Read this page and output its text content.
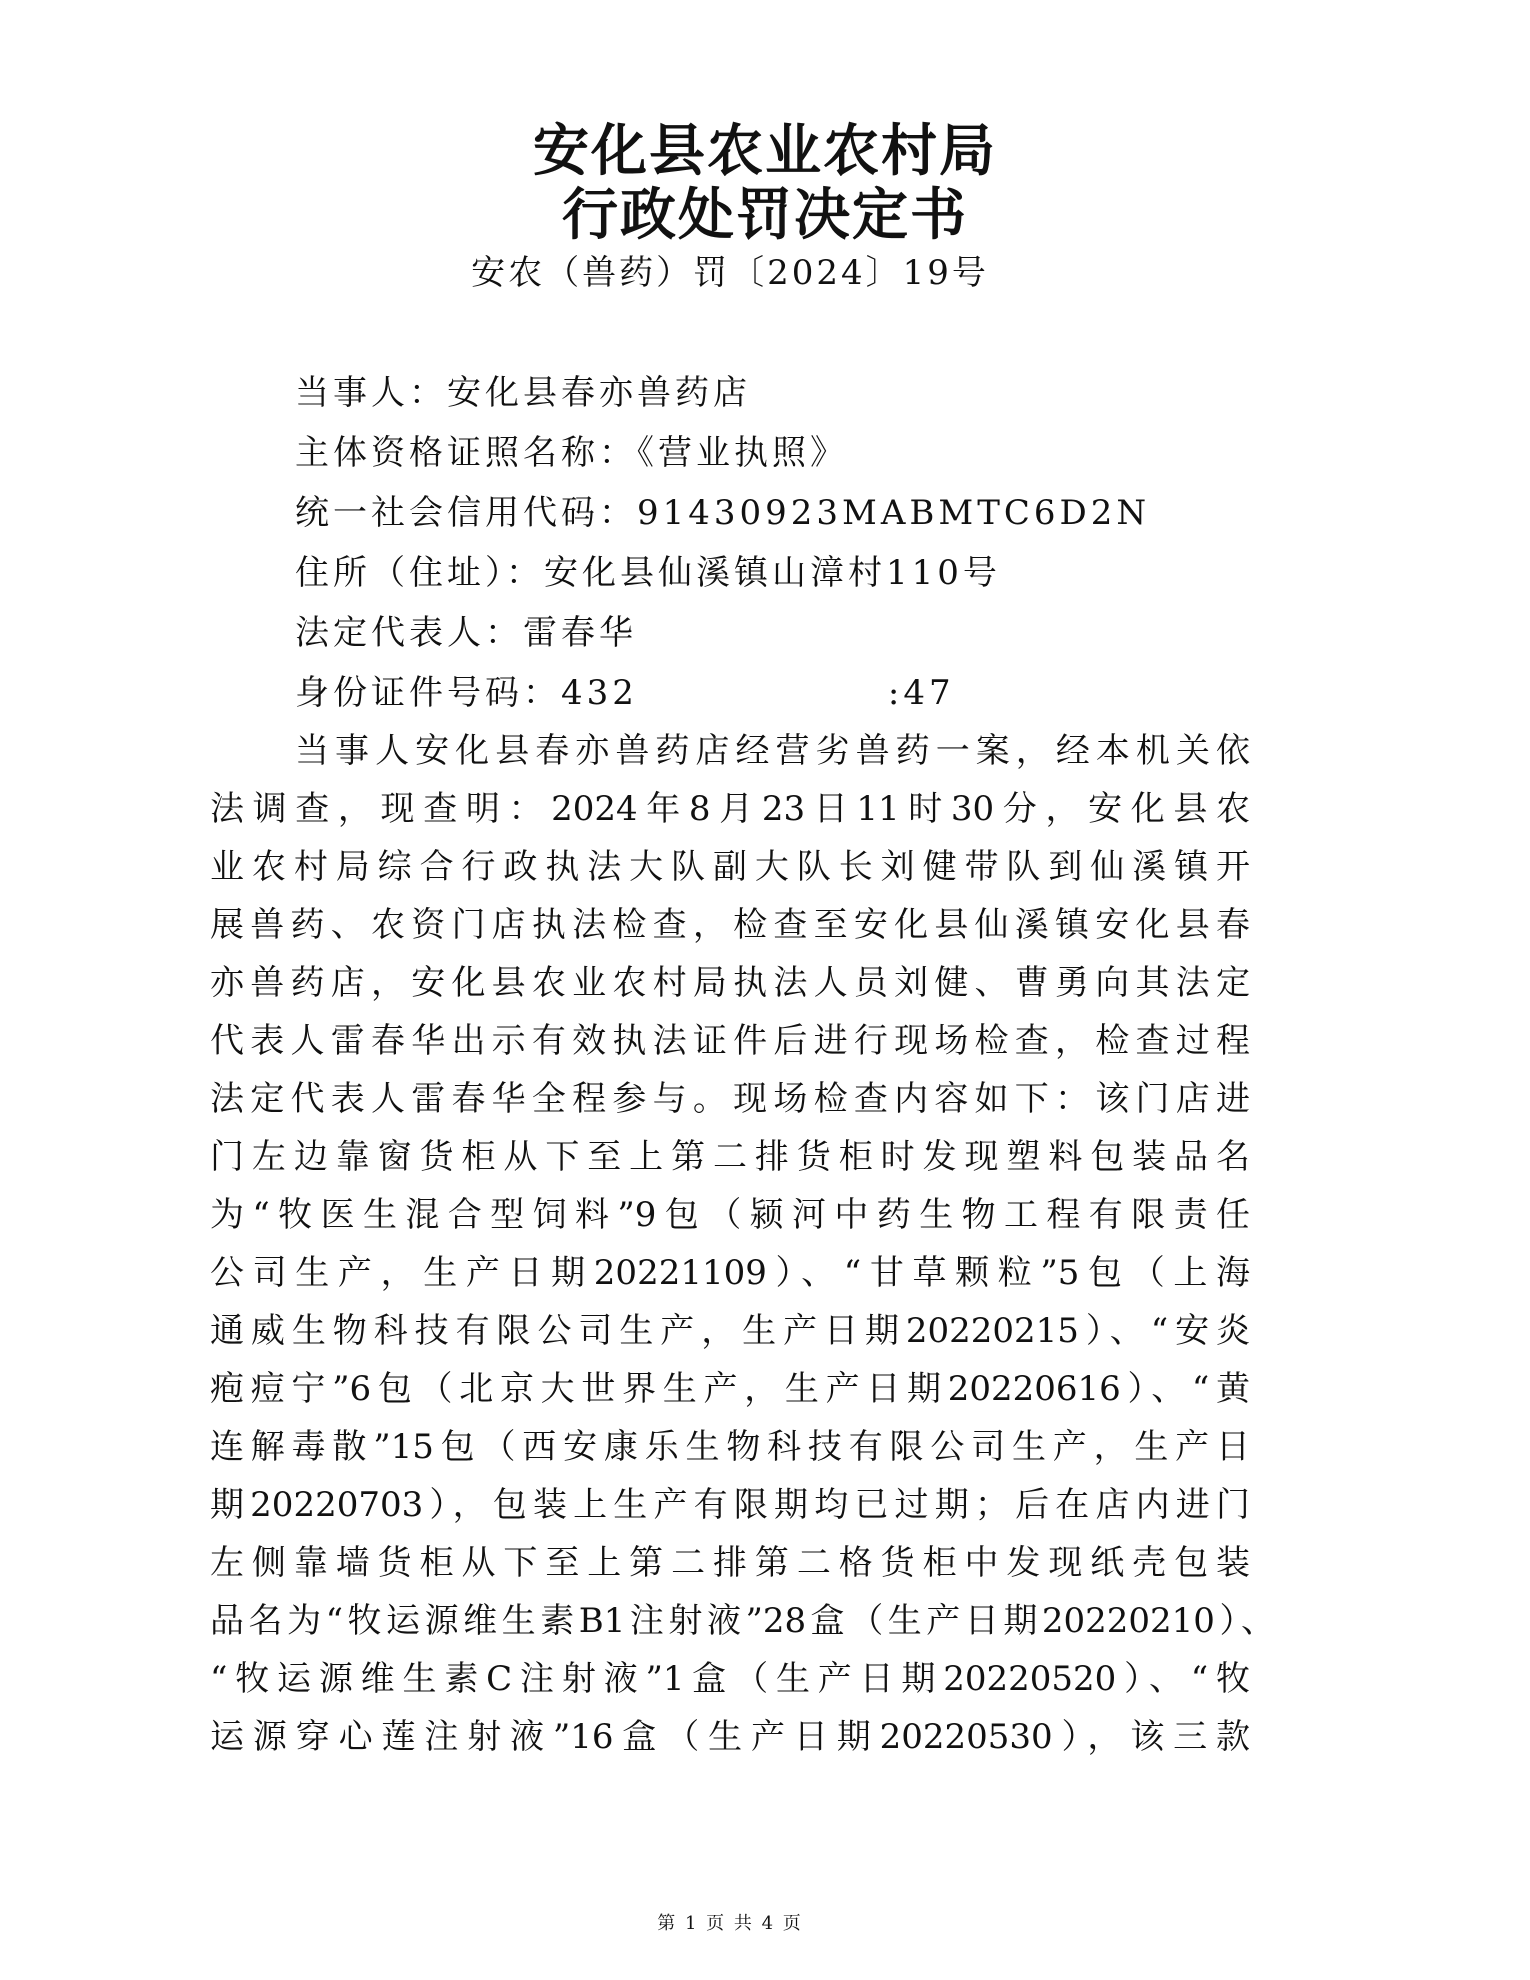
安化县农业农村局
行政处罚决定书
安农（兽药）罚〔2024〕19号
当事人：安化县春亦兽药店
主体资格证照名称：《营业执照》
统一社会信用代码：91430923MABMTC6D2N
住所（住址）：安化县仙溪镇山漳村110号
法定代表人：雷春华
身份证件号码：432	:47
当事人安化县春亦兽药店经营劣兽药一案，经本机关依
法调查，现查明：2024年8月23日11时30分，安化县农
业农村局综合行政执法大队副大队长刘健带队到仙溪镇开
展兽药、农资门店执法检查，检查至安化县仙溪镇安化县春
亦兽药店，安化县农业农村局执法人员刘健、曹勇向其法定
代表人雷春华出示有效执法证件后进行现场检查，检查过程
法定代表人雷春华全程参与。现场检查内容如下：该门店进
门左边靠窗货柜从下至上第二排货柜时发现塑料包装品名
为“牧医生混合型饲料”9包（颍河中药生物工程有限责任
公司生产，生产日期20221109）、“甘草颗粒”5包（上海
通威生物科技有限公司生产，生产日期20220215）、“安炎
疱痘宁”6包（北京大世界生产，生产日期20220616）、“黄
连解毒散”15包（西安康乐生物科技有限公司生产，生产日
期20220703），包装上生产有限期均已过期；后在店内进门
左侧靠墙货柜从下至上第二排第二格货柜中发现纸壳包装
品名为“牧运源维生素B1注射液”28盒（生产日期20220210）、
“牧运源维生素C注射液”1盒（生产日期20220520）、“牧
运源穿心莲注射液”16盒（生产日期20220530），该三款
第 1 页 共 4 页
